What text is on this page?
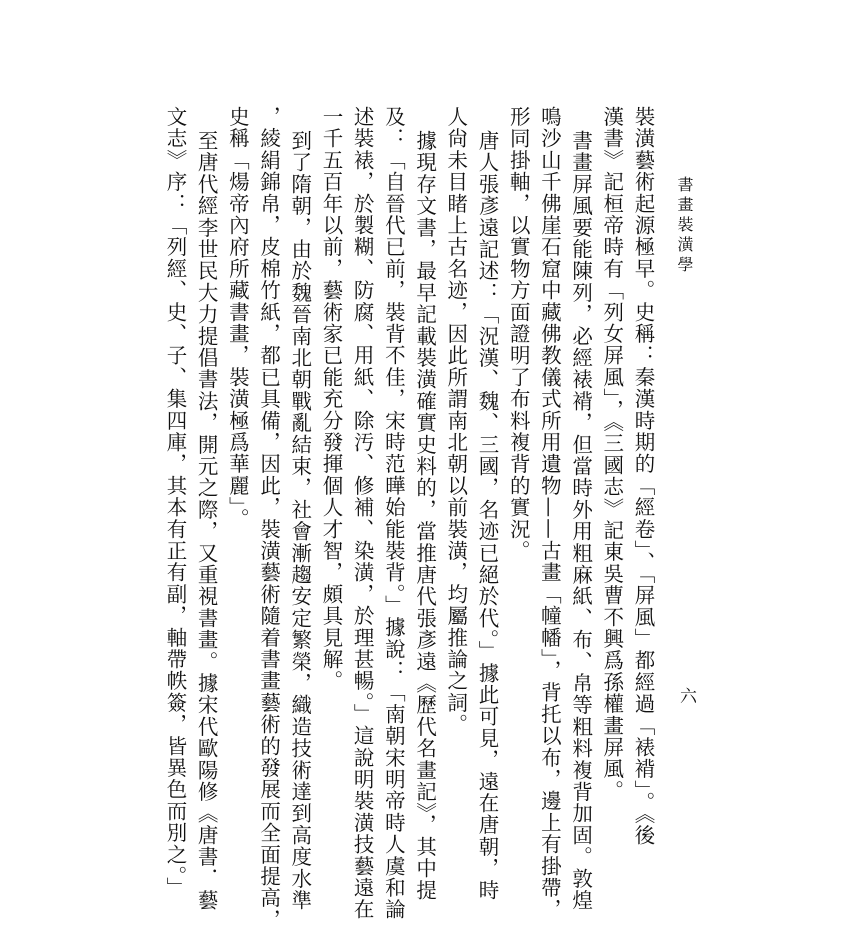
書畫裝潢學
六
裝潢藝術起源極早。史稱：秦漢時期的「經卷」、「屏風」都經過「裱褙」。《後
漢書》記桓帝時有「列女屏風」，《三國志》記東吳曹不興爲孫權畫屏風。
書畫屏風要能陳列，必經裱褙，但當時外用粗麻紙、布、帛等粗料複背加固。敦煌
鳴沙山千佛崖石窟中藏佛教儀式所用遺物——古畫「幢幡」，背托以布，邊上有掛帶，
形同掛軸，以實物方面證明了布料複背的實況。
唐人張彥遠記述：「況漢、魏、三國，名迹已絕於代。」據此可見，遠在唐朝，時
人尙未目睹上古名迹，因此所謂南北朝以前裝潢，均屬推論之詞。
據現存文書，最早記載裝潢確實史料的，當推唐代張彥遠《歷代名畫記》，其中提
及：「自晉代已前，裝背不佳，宋時范曄始能裝背。」據說：「南朝宋明帝時人虞和論
述裝裱，於製糊、防腐、用紙、除汚、修補、染潢，於理甚暢。」這說明裝潢技藝遠在
一千五百年以前，藝術家已能充分發揮個人才智，頗具見解。
到了隋朝，由於魏晉南北朝戰亂結束，社會漸趨安定繁榮，織造技術達到高度水準
，綾絹錦帛，皮棉竹紙，都已具備，因此，裝潢藝術隨着書畫藝術的發展而全面提高，
史稱「煬帝內府所藏書畫，裝潢極爲華麗」。
至唐代經李世民大力提倡書法，開元之際，又重視書畫。據宋代歐陽修《唐書．藝
文志》序：「列經、史、子、集四庫，其本有正有副，軸帶帙簽，皆異色而別之。」
